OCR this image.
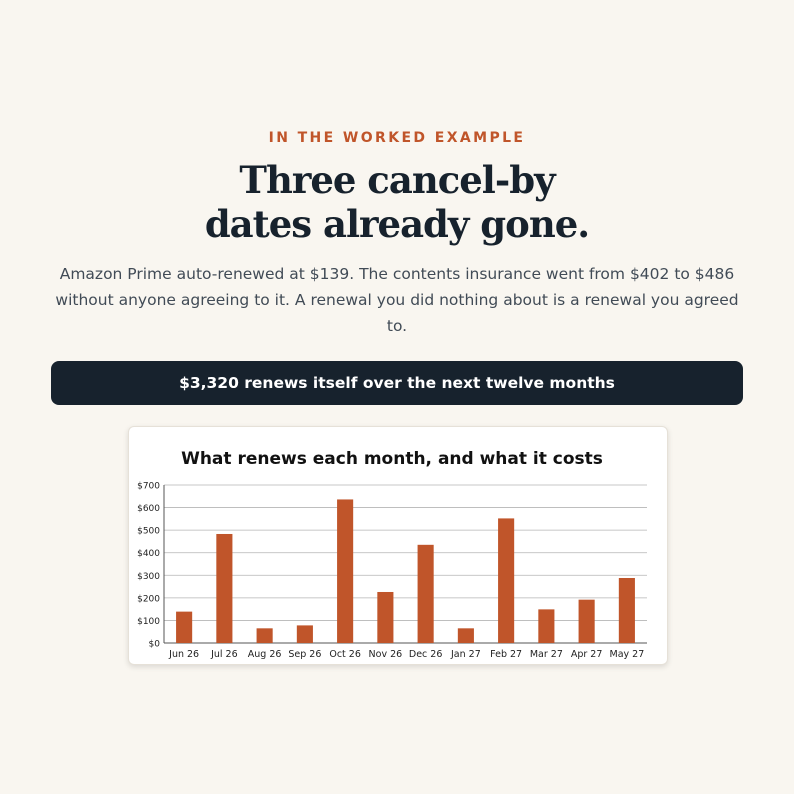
IN THE WORKED EXAMPLE
Three cancel-by
dates already gone.
Amazon Prime auto-renewed at $139. The contents insurance went from $402 to $486 without anyone agreeing to it. A renewal you did nothing about is a renewal you agreed to.
$3,320 renews itself over the next twelve months
What renews each month, and what it costs
$0
$100
$200
$300
$400
$500
$600
$700
Jun 26 Jul 26 Aug 26 Sep 26 Oct 26 Nov 26 Dec 26 Jan 27 Feb 27 Mar 27 Apr 27 May 27
